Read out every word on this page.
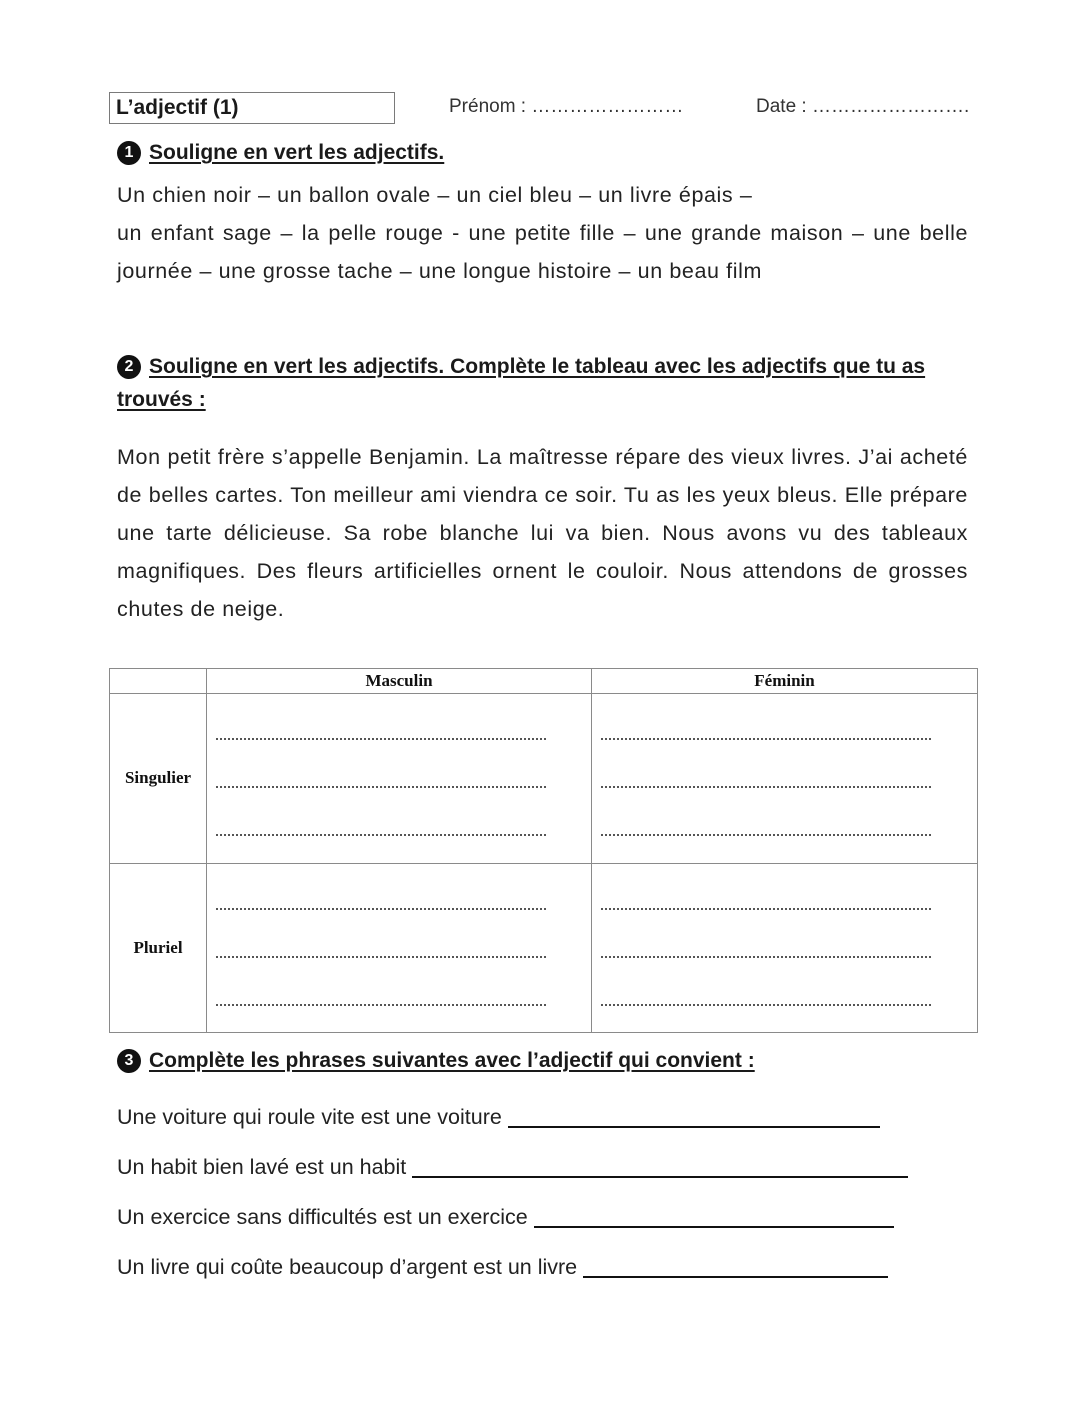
L’adjectif (1)	Prénom : ……………………	Date : …………………….
1 Souligne en vert les adjectifs.
Un chien noir – un ballon ovale – un ciel bleu – un livre épais –
un enfant sage – la pelle rouge - une petite fille – une grande maison – une belle journée – une grosse tache – une longue histoire – un beau film
2 Souligne en vert les adjectifs. Complète le tableau avec les adjectifs que tu as trouvés :
Mon petit frère s’appelle Benjamin. La maîtresse répare des vieux livres. J’ai acheté de belles cartes. Ton meilleur ami viendra ce soir. Tu as les yeux bleus. Elle prépare une tarte délicieuse. Sa robe blanche lui va bien. Nous avons vu des tableaux magnifiques. Des fleurs artificielles ornent le couloir. Nous attendons de grosses chutes de neige.
	Masculin	Féminin
Singulier	

Pluriel	

3 Complète les phrases suivantes avec l’adjectif qui convient :
Une voiture qui roule vite est une voiture
Un habit bien lavé est un habit
Un exercice sans difficultés est un exercice
Un livre qui coûte beaucoup d’argent est un livre
